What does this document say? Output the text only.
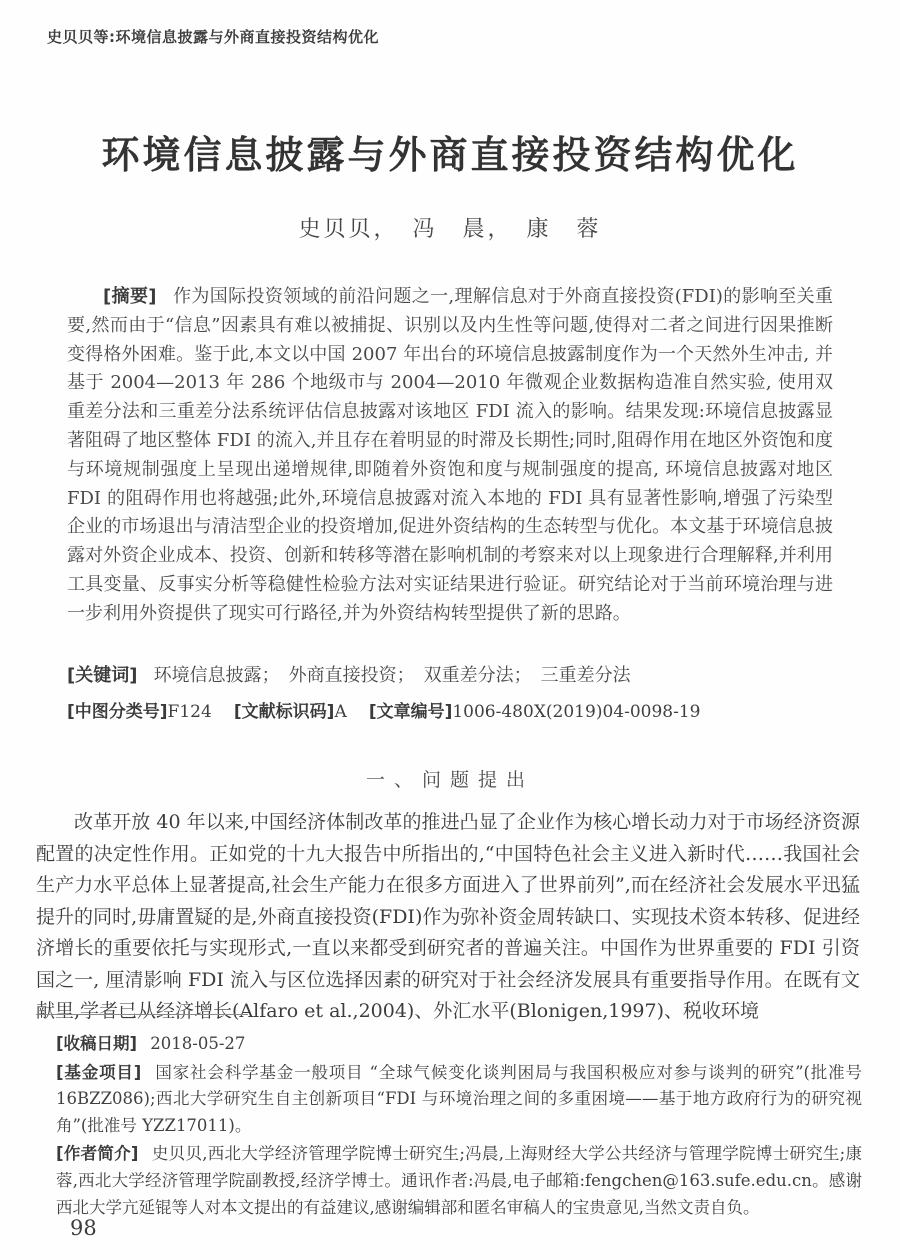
史贝贝等:环境信息披露与外商直接投资结构优化
环境信息披露与外商直接投资结构优化
史贝贝，　冯　晨，　康　蓉

[摘要] 作为国际投资领域的前沿问题之一,理解信息对于外商直接投资(FDI)的影响至关重要,然而由于“信息”因素具有难以被捕捉、识别以及内生性等问题,使得对二者之间进行因果推断变得格外困难。鉴于此,本文以中国 2007 年出台的环境信息披露制度作为一个天然外生冲击, 并基于 2004—2013 年 286 个地级市与 2004—2010 年微观企业数据构造准自然实验, 使用双重差分法和三重差分法系统评估信息披露对该地区 FDI 流入的影响。结果发现:环境信息披露显著阻碍了地区整体 FDI 的流入,并且存在着明显的时滞及长期性;同时,阻碍作用在地区外资饱和度与环境规制强度上呈现出递增规律,即随着外资饱和度与规制强度的提高, 环境信息披露对地区 FDI 的阻碍作用也将越强;此外,环境信息披露对流入本地的 FDI 具有显著性影响,增强了污染型企业的市场退出与清洁型企业的投资增加,促进外资结构的生态转型与优化。本文基于环境信息披露对外资企业成本、投资、创新和转移等潜在影响机制的考察来对以上现象进行合理解释,并利用工具变量、反事实分析等稳健性检验方法对实证结果进行验证。研究结论对于当前环境治理与进一步利用外资提供了现实可行路径,并为外资结构转型提供了新的思路。

[关键词] 环境信息披露；　外商直接投资；　双重差分法；　三重差分法
[中图分类号]F124 [文献标识码]A [文章编号]1006-480X(2019)04-0098-19
一、问题提出

改革开放 40 年以来,中国经济体制改革的推进凸显了企业作为核心增长动力对于市场经济资源配置的决定性作用。正如党的十九大报告中所指出的,“中国特色社会主义进入新时代……我国社会生产力水平总体上显著提高,社会生产能力在很多方面进入了世界前列”,而在经济社会发展水平迅猛提升的同时,毋庸置疑的是,外商直接投资(FDI)作为弥补资金周转缺口、实现技术资本转移、促进经济增长的重要依托与实现形式,一直以来都受到研究者的普遍关注。中国作为世界重要的 FDI 引资国之一, 厘清影响 FDI 流入与区位选择因素的研究对于社会经济发展具有重要指导作用。在既有文献里,学者已从经济增长(Alfaro et al.,2004)、外汇水平(Blonigen,1997)、税收环境

[收稿日期] 2018-05-27

[基金项目] 国家社会科学基金一般项目 “全球气候变化谈判困局与我国积极应对参与谈判的研究”(批准号 16BZZ086);西北大学研究生自主创新项目“FDI 与环境治理之间的多重困境——基于地方政府行为的研究视角”(批准号 YZZ17011)。

[作者简介] 史贝贝,西北大学经济管理学院博士研究生;冯晨,上海财经大学公共经济与管理学院博士研究生;康蓉,西北大学经济管理学院副教授,经济学博士。通讯作者:冯晨,电子邮箱:fengchen@163.sufe.edu.cn。感谢西北大学亢延锟等人对本文提出的有益建议,感谢编辑部和匿名审稿人的宝贵意见,当然文责自负。

98
